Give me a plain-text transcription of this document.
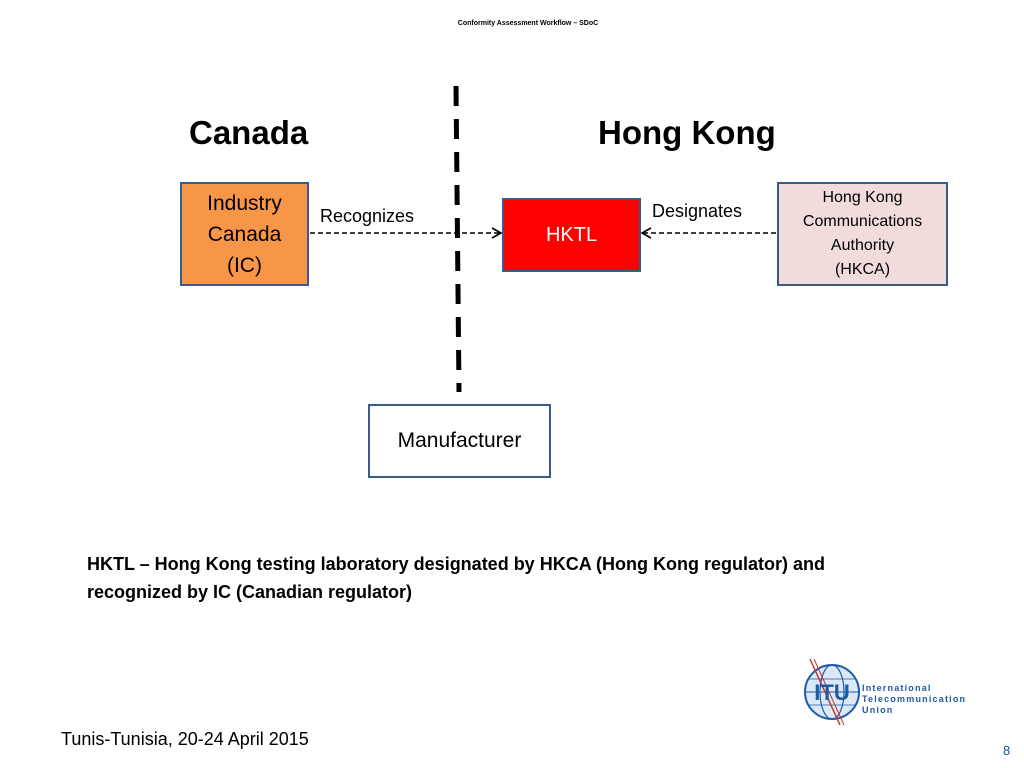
Conformity Assessment Workflow – SDoC
Canada	Hong Kong
Industry
Canada
(IC)
HKTL
Hong Kong
Communications
Authority
(HKCA)
Manufacturer
Recognizes	Designates
HKTL – Hong Kong testing laboratory designated by HKCA (Hong Kong regulator) and
recognized by IC (Canadian regulator)
Tunis-Tunisia, 20-24 April 2015
8
ITU International
Telecommunication
Union
